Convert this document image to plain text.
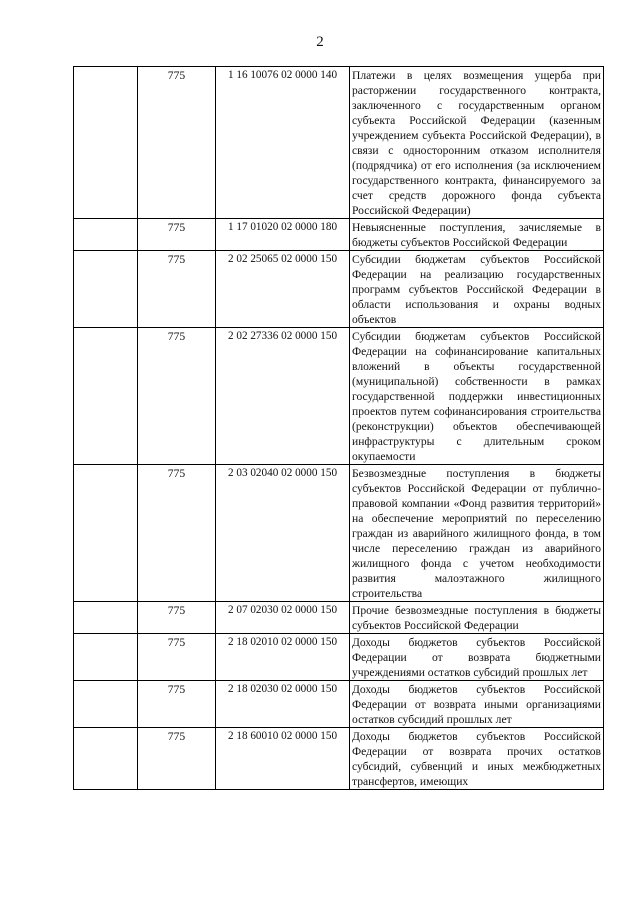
2
	775	1 16 10076 02 0000 140	Платежи в целях возмещения ущерба при расторжении государственного контракта, заключенного с государственным органом субъекта Российской Федерации (казенным учреждением субъекта Российской Федерации), в связи с односторонним отказом исполнителя (подрядчика) от его исполнения (за исключением государственного контракта, финансируемого за счет средств дорожного фонда субъекта Российской Федерации)
	775	1 17 01020 02 0000 180	Невыясненные поступления, зачисляемые в бюджеты субъектов Российской Федерации
	775	2 02 25065 02 0000 150	Субсидии бюджетам субъектов Российской Федерации на реализацию государственных программ субъектов Российской Федерации в области использования и охраны водных объектов
	775	2 02 27336 02 0000 150	Субсидии бюджетам субъектов Российской Федерации на софинансирование капитальных вложений в объекты государственной (муниципальной) собственности в рамках государственной поддержки инвестиционных проектов путем софинансирования строительства (реконструкции) объектов обеспечивающей инфраструктуры с длительным сроком окупаемости
	775	2 03 02040 02 0000 150	Безвозмездные поступления в бюджеты субъектов Российской Федерации от публично-правовой компании «Фонд развития территорий» на обеспечение мероприятий по переселению граждан из аварийного жилищного фонда, в том числе переселению граждан из аварийного жилищного фонда с учетом необходимости развития малоэтажного жилищного строительства
	775	2 07 02030 02 0000 150	Прочие безвозмездные поступления в бюджеты субъектов Российской Федерации
	775	2 18 02010 02 0000 150	Доходы бюджетов субъектов Российской Федерации от возврата бюджетными учреждениями остатков субсидий прошлых лет
	775	2 18 02030 02 0000 150	Доходы бюджетов субъектов Российской Федерации от возврата иными организациями остатков субсидий прошлых лет
	775	2 18 60010 02 0000 150	Доходы бюджетов субъектов Российской Федерации от возврата прочих остатков субсидий, субвенций и иных межбюджетных трансфертов, имеющих
